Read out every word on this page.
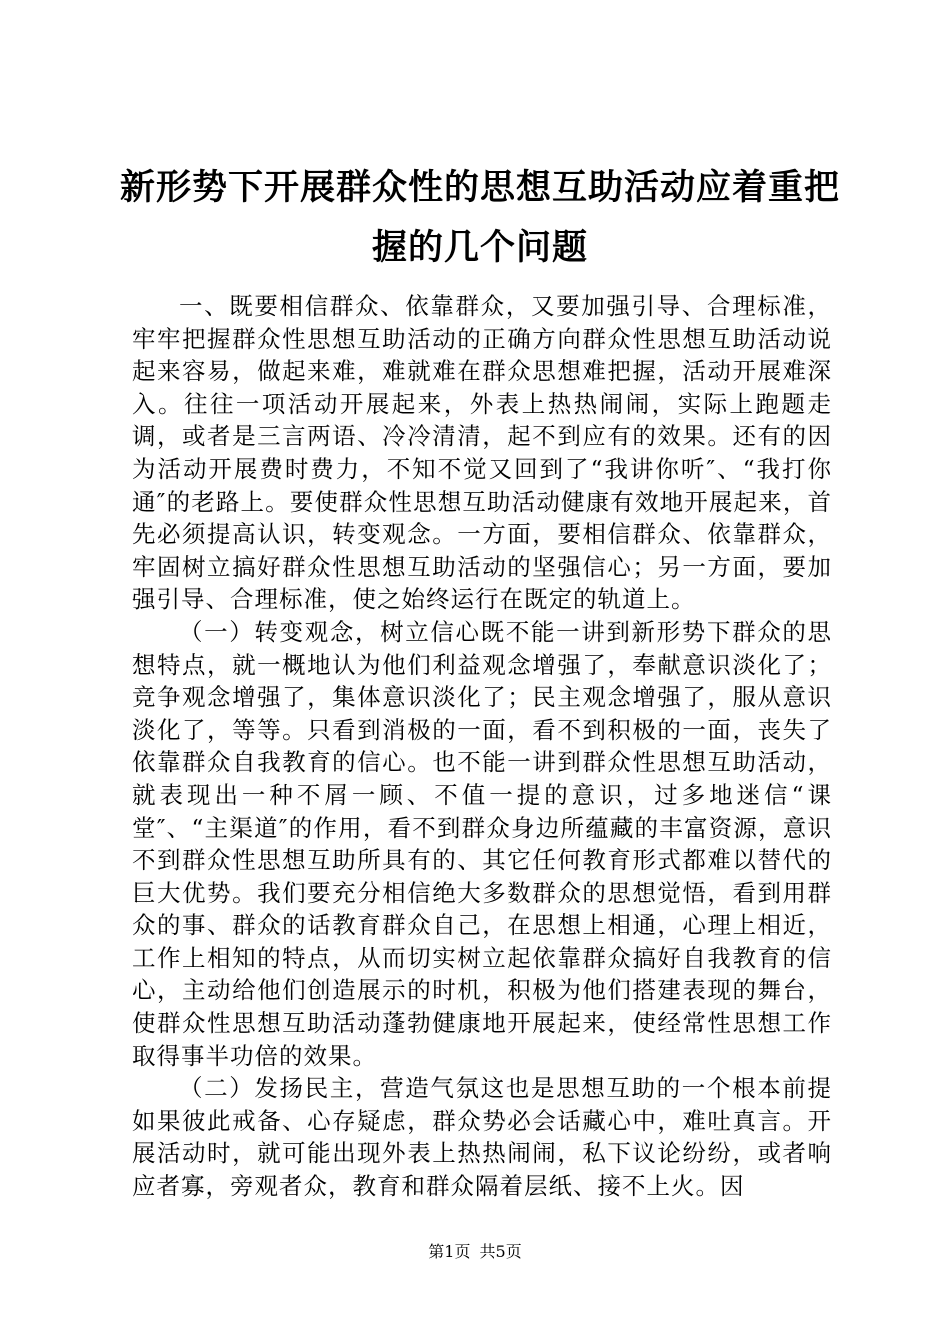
新形势下开展群众性的思想互助活动应着重把握的几个问题

一、既要相信群众、依靠群众，又要加强引导、合理标准，牢牢把握群众性思想互助活动的正确方向群众性思想互助活动说起来容易，做起来难，难就难在群众思想难把握，活动开展难深入。往往一项活动开展起来，外表上热热闹闹，实际上跑题走调，或者是三言两语、冷冷清清，起不到应有的效果。还有的因为活动开展费时费力，不知不觉又回到了“我讲你听″、“我打你通″的老路上。要使群众性思想互助活动健康有效地开展起来，首先必须提高认识，转变观念。一方面，要相信群众、依靠群众，牢固树立搞好群众性思想互助活动的坚强信心；另一方面，要加强引导、合理标准，使之始终运行在既定的轨道上。

（一）转变观念，树立信心既不能一讲到新形势下群众的思想特点，就一概地认为他们利益观念增强了，奉献意识淡化了；竞争观念增强了，集体意识淡化了；民主观念增强了，服从意识淡化了，等等。只看到消极的一面，看不到积极的一面，丧失了依靠群众自我教育的信心。也不能一讲到群众性思想互助活动，就表现出一种不屑一顾、不值一提的意识，过多地迷信“课堂″、“主渠道″的作用，看不到群众身边所蕴藏的丰富资源，意识不到群众性思想互助所具有的、其它任何教育形式都难以替代的巨大优势。我们要充分相信绝大多数群众的思想觉悟，看到用群众的事、群众的话教育群众自己，在思想上相通，心理上相近，工作上相知的特点，从而切实树立起依靠群众搞好自我教育的信心，主动给他们创造展示的时机，积极为他们搭建表现的舞台，使群众性思想互助活动蓬勃健康地开展起来，使经常性思想工作取得事半功倍的效果。

（二）发扬民主，营造气氛这也是思想互助的一个根本前提如果彼此戒备、心存疑虑，群众势必会话藏心中，难吐真言。开展活动时，就可能出现外表上热热闹闹，私下议论纷纷，或者响应者寡，旁观者众，教育和群众隔着层纸、接不上火。因

第1页 共5页
